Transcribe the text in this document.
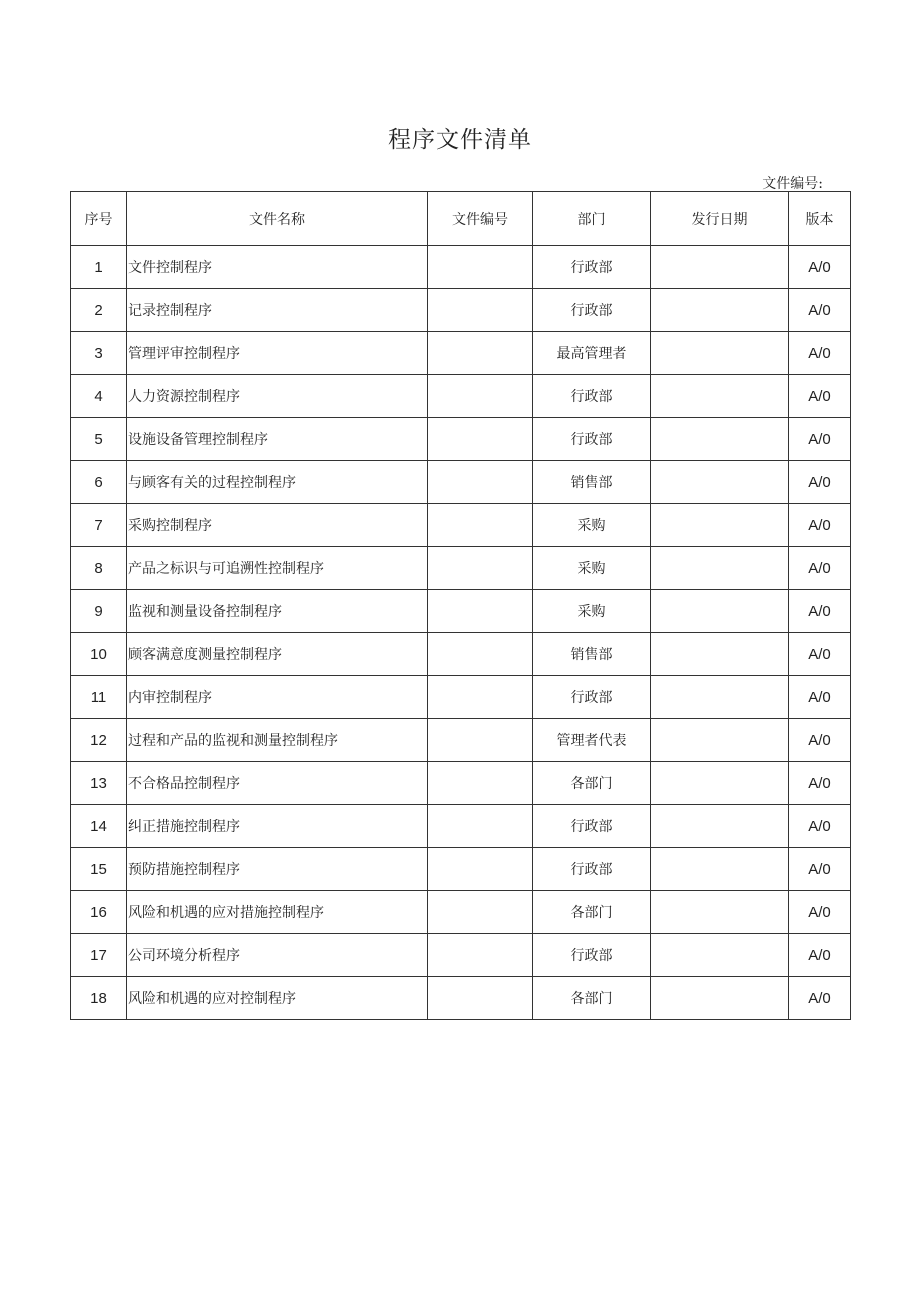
程序文件清单
文件编号:
序号	文件名称	文件编号	部门	发行日期	版本
1	文件控制程序		行政部		A/0
2	记录控制程序		行政部		A/0
3	管理评审控制程序		最高管理者		A/0
4	人力资源控制程序		行政部		A/0
5	设施设备管理控制程序		行政部		A/0
6	与顾客有关的过程控制程序		销售部		A/0
7	采购控制程序		采购		A/0
8	产品之标识与可追溯性控制程序		采购		A/0
9	监视和测量设备控制程序		采购		A/0
10	顾客满意度测量控制程序		销售部		A/0
11	内审控制程序		行政部		A/0
12	过程和产品的监视和测量控制程序		管理者代表		A/0
13	不合格品控制程序		各部门		A/0
14	纠正措施控制程序		行政部		A/0
15	预防措施控制程序		行政部		A/0
16	风险和机遇的应对措施控制程序		各部门		A/0
17	公司环境分析程序		行政部		A/0
18	风险和机遇的应对控制程序		各部门		A/0
